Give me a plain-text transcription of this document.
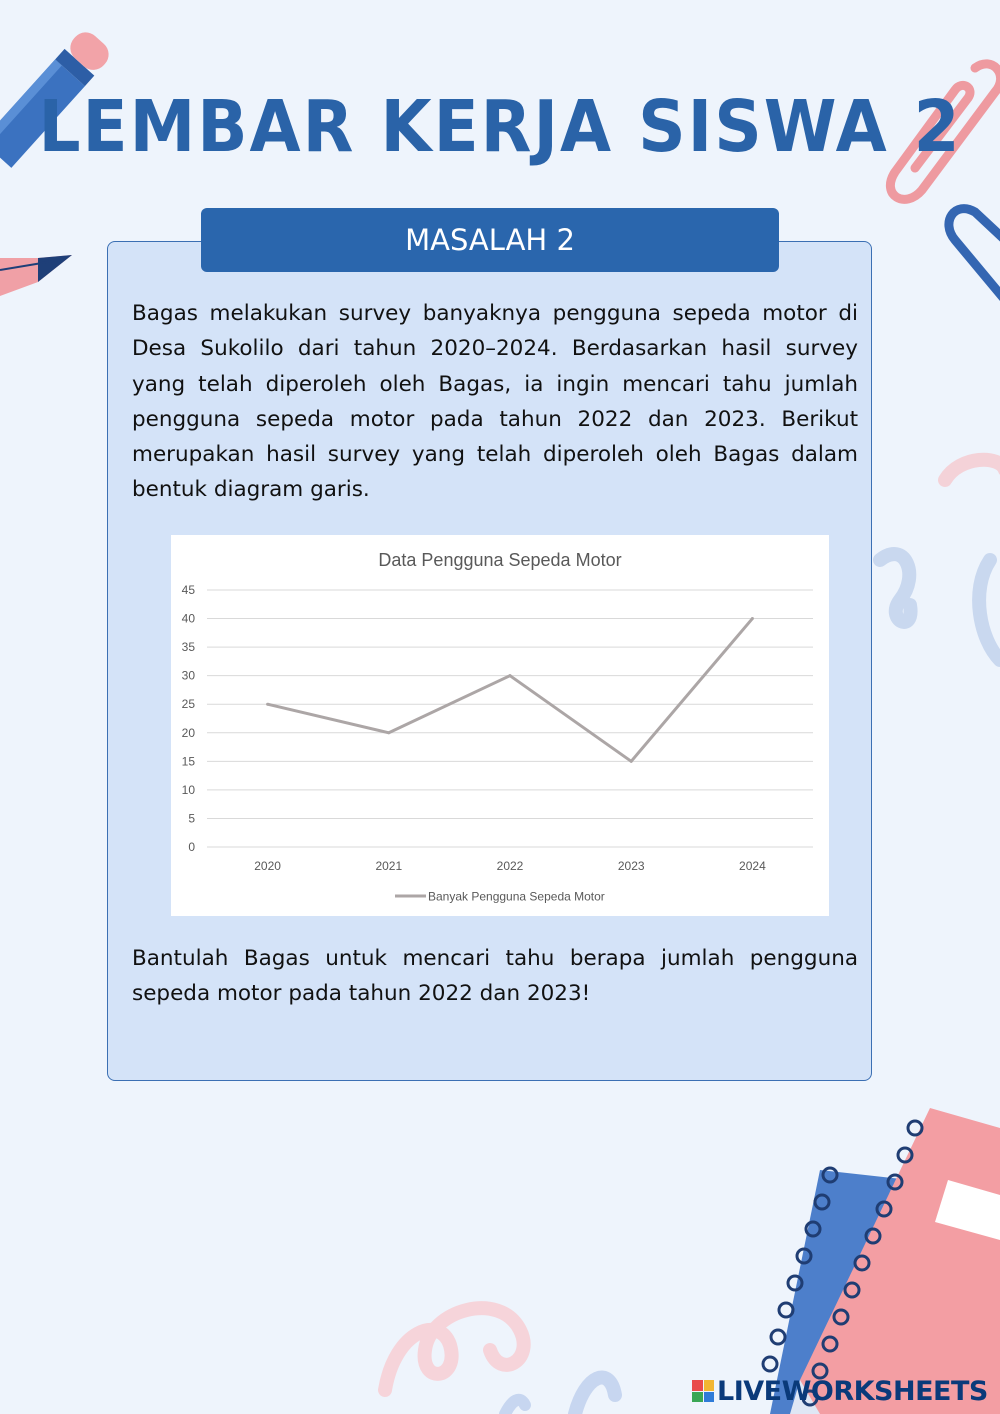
LEMBAR KERJA SISWA 2
MASALAH 2
Bagas melakukan survey banyaknya pengguna sepeda motor di Desa Sukolilo dari tahun 2020–2024. Berdasarkan hasil survey yang telah diperoleh oleh Bagas, ia ingin mencari tahu jumlah pengguna sepeda motor pada tahun 2022 dan 2023. Berikut merupakan hasil survey yang telah diperoleh oleh Bagas dalam bentuk diagram garis.
Data Pengguna Sepeda Motor
0
5
10
15
20
25
30
35
40
45
2020	2021	2022	2023	2024
Banyak Pengguna Sepeda Motor
Bantulah Bagas untuk mencari tahu berapa jumlah pengguna sepeda motor pada tahun 2022 dan 2023!
LIVEWORKSHEETS
